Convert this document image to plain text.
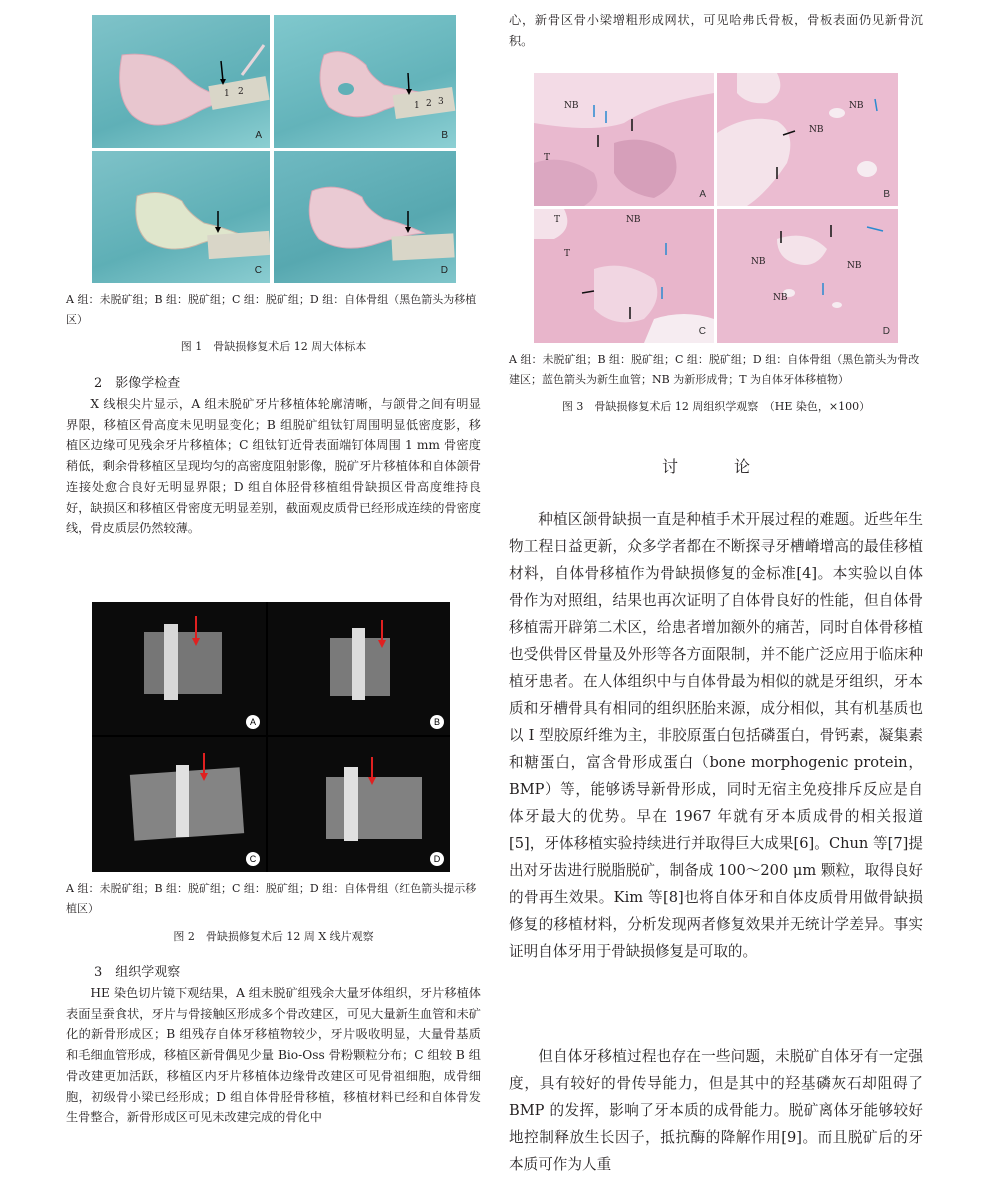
1 2
A
1 2 3
B
C	D

A 组：未脱矿组；B 组：脱矿组；C 组：脱矿组；D 组：自体骨组（黑色箭头为移植区）

图 1　骨缺损修复术后 12 周大体标本

2　影像学检查

X 线根尖片显示，A 组未脱矿牙片移植体轮廓清晰，与颌骨之间有明显界限，移植区骨高度未见明显变化；B 组脱矿组钛钉周围明显低密度影，移植区边缘可见残余牙片移植体；C 组钛钉近骨表面端钉体周围 1 mm 骨密度稍低，剩余骨移植区呈现均匀的高密度阻射影像，脱矿牙片移植体和自体颌骨连接处愈合良好无明显界限；D 组自体胫骨移植组骨缺损区骨高度维持良好，缺损区和移植区骨密度无明显差别，截面观皮质骨已经形成连续的骨密度线，骨皮质层仍然较薄。

A	B
C	D

A 组：未脱矿组；B 组：脱矿组；C 组：脱矿组；D 组：自体骨组（红色箭头提示移植区）

图 2　骨缺损修复术后 12 周 X 线片观察

3　组织学观察

HE 染色切片镜下观结果，A 组未脱矿组残余大量牙体组织，牙片移植体表面呈蚕食状，牙片与骨接触区形成多个骨改建区，可见大量新生血管和未矿化的新骨形成区；B 组残存自体牙移植物较少，牙片吸收明显，大量骨基质和毛细血管形成，移植区新骨偶见少量 Bio-Oss 骨粉颗粒分布；C 组较 B 组骨改建更加活跃，移植区内牙片移植体边缘骨改建区可见骨祖细胞，成骨细胞，初级骨小梁已经形成；D 组自体骨胫骨移植，移植材料已经和自体骨发生骨整合，新骨形成区可见未改建完成的骨化中

心，新骨区骨小梁增粗形成网状，可见哈弗氏骨板，骨板表面仍见新骨沉积。

NB
T
A
NB
NB
B
T	NB
T
C
NB	NB
NB
D

A 组：未脱矿组；B 组：脱矿组；C 组：脱矿组；D 组：自体骨组（黑色箭头为骨改建区；蓝色箭头为新生血管；NB 为新形成骨；T 为自体牙体移植物）

图 3　骨缺损修复术后 12 周组织学观察　（HE 染色，×100）

讨　论

种植区颌骨缺损一直是种植手术开展过程的难题。近些年生物工程日益更新，众多学者都在不断探寻牙槽嵴增高的最佳移植材料，自体骨移植作为骨缺损修复的金标准[4]。本实验以自体骨作为对照组，结果也再次证明了自体骨良好的性能，但自体骨移植需开辟第二术区，给患者增加额外的痛苦，同时自体骨移植也受供骨区骨量及外形等各方面限制，并不能广泛应用于临床种植牙患者。在人体组织中与自体骨最为相似的就是牙组织，牙本质和牙槽骨具有相同的组织胚胎来源，成分相似，其有机基质也以 I 型胶原纤维为主，非胶原蛋白包括磷蛋白，骨钙素，凝集素和糖蛋白，富含骨形成蛋白（bone morphogenic protein，BMP）等，能够诱导新骨形成，同时无宿主免疫排斥反应是自体牙最大的优势。早在 1967 年就有牙本质成骨的相关报道[5]，牙体移植实验持续进行并取得巨大成果[6]。Chun 等[7]提出对牙齿进行脱脂脱矿，制备成 100～200 μm 颗粒，取得良好的骨再生效果。Kim 等[8]也将自体牙和自体皮质骨用做骨缺损修复的移植材料，分析发现两者修复效果并无统计学差异。事实证明自体牙用于骨缺损修复是可取的。

但自体牙移植过程也存在一些问题，未脱矿自体牙有一定强度，具有较好的骨传导能力，但是其中的羟基磷灰石却阻碍了 BMP 的发挥，影响了牙本质的成骨能力。脱矿离体牙能够较好地控制释放生长因子，抵抗酶的降解作用[9]。而且脱矿后的牙本质可作为人重
